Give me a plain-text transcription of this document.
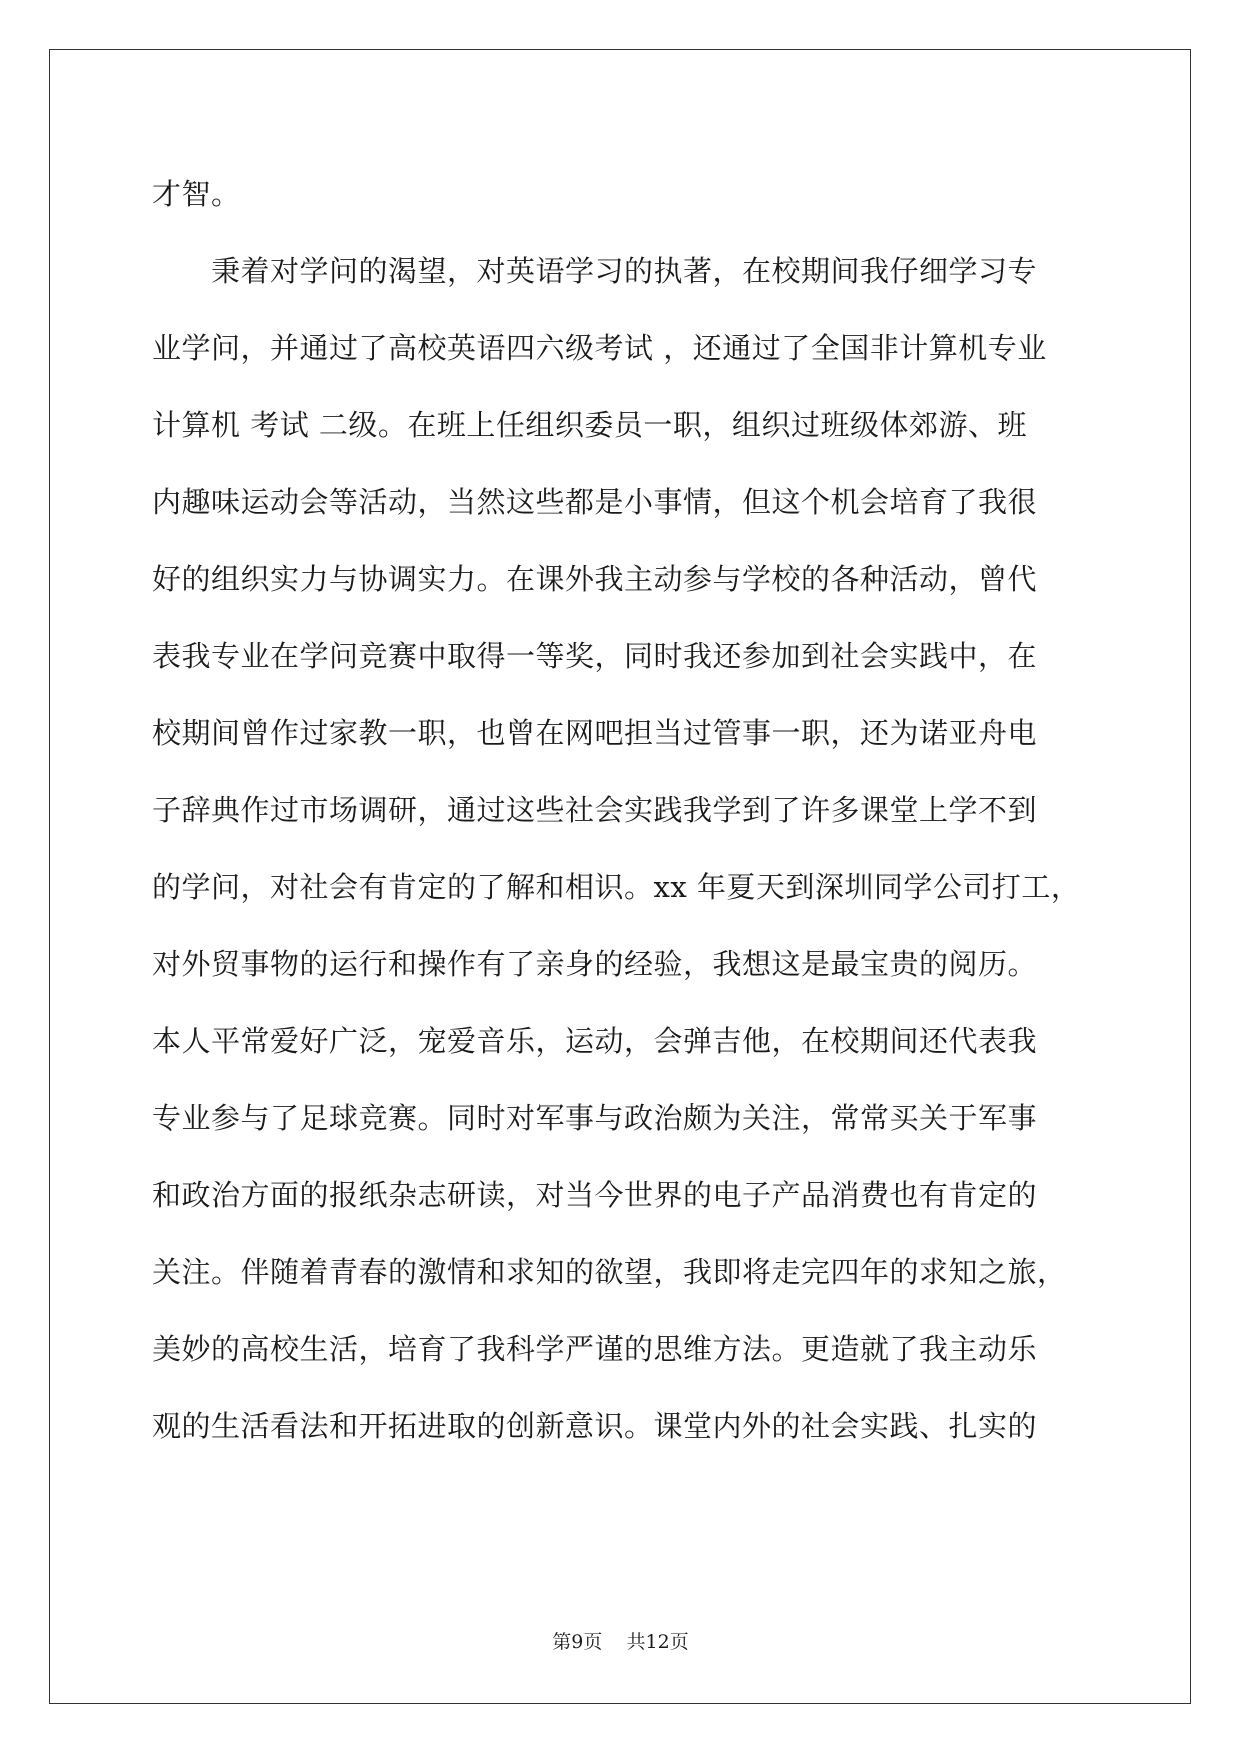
才智。
　　秉着对学问的渴望，对英语学习的执著，在校期间我仔细学习专
业学问，并通过了高校英语四六级考试 ，还通过了全国非计算机专业
计算机 考试 二级。在班上任组织委员一职，组织过班级体郊游、班
内趣味运动会等活动，当然这些都是小事情，但这个机会培育了我很
好的组织实力与协调实力。在课外我主动参与学校的各种活动，曾代
表我专业在学问竞赛中取得一等奖，同时我还参加到社会实践中，在
校期间曾作过家教一职，也曾在网吧担当过管事一职，还为诺亚舟电
子辞典作过市场调研，通过这些社会实践我学到了许多课堂上学不到
的学问，对社会有肯定的了解和相识。xx 年夏天到深圳同学公司打工，
对外贸事物的运行和操作有了亲身的经验，我想这是最宝贵的阅历。
本人平常爱好广泛，宠爱音乐，运动，会弹吉他，在校期间还代表我
专业参与了足球竞赛。同时对军事与政治颇为关注，常常买关于军事
和政治方面的报纸杂志研读，对当今世界的电子产品消费也有肯定的
关注。伴随着青春的激情和求知的欲望，我即将走完四年的求知之旅，
美妙的高校生活，培育了我科学严谨的思维方法。更造就了我主动乐
观的生活看法和开拓进取的创新意识。课堂内外的社会实践、扎实的
第9页    共12页
